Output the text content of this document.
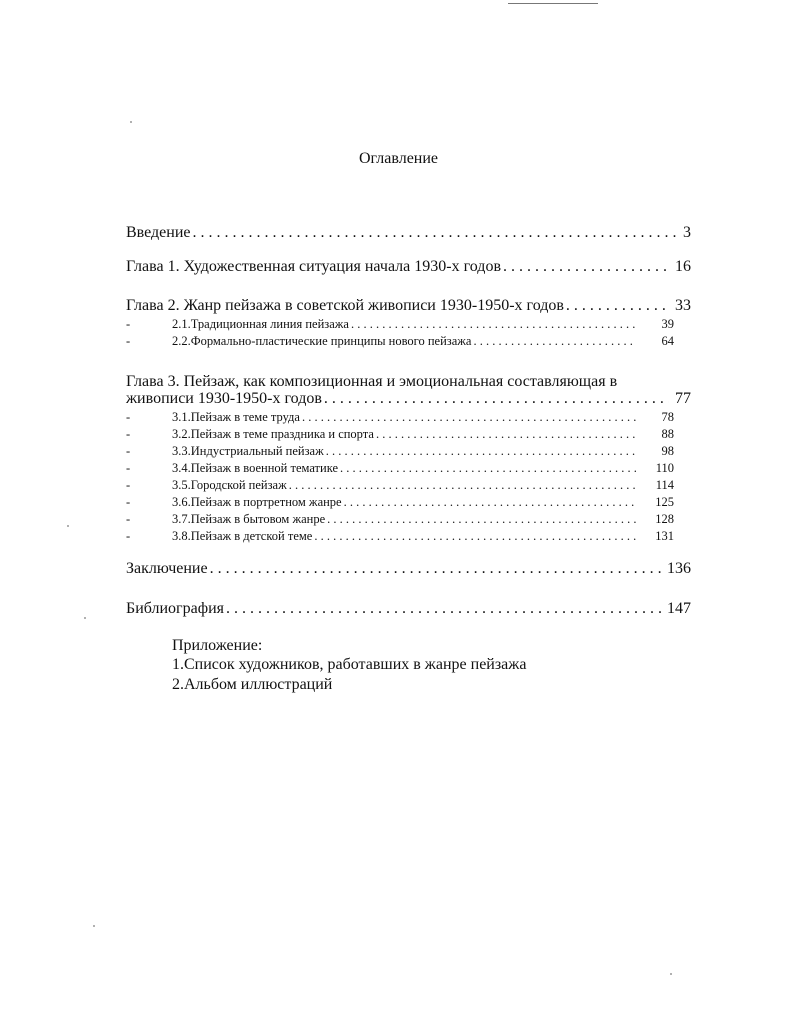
Оглавление
Введение . . .	3
Глава 1. Художественная ситуация начала 1930-х годов . . .	16
Глава 2. Жанр пейзажа в советской живописи 1930-1950-х годов . . .	33
-	2.1.Традиционная линия пейзажа . . .	39
-	2.2.Формально-пластические принципы нового пейзажа . . .	64
Глава 3. Пейзаж, как композиционная и эмоциональная составляющая в
живописи 1930-1950-х годов . . .	77
-	3.1.Пейзаж в теме труда . . .	78
-	3.2.Пейзаж в теме праздника и спорта . . .	88
-	3.3.Индустриальный пейзаж . . .	98
-	3.4.Пейзаж в военной тематике . . .	110
-	3.5.Городской пейзаж . . .	114
-	3.6.Пейзаж в портретном жанре . . .	125
-	3.7.Пейзаж в бытовом жанре . . .	128
-	3.8.Пейзаж в детской теме . . .	131
Заключение . . .	136
Библиография . . .	147
Приложение:
1.Список художников, работавших в жанре пейзажа
2.Альбом иллюстраций
